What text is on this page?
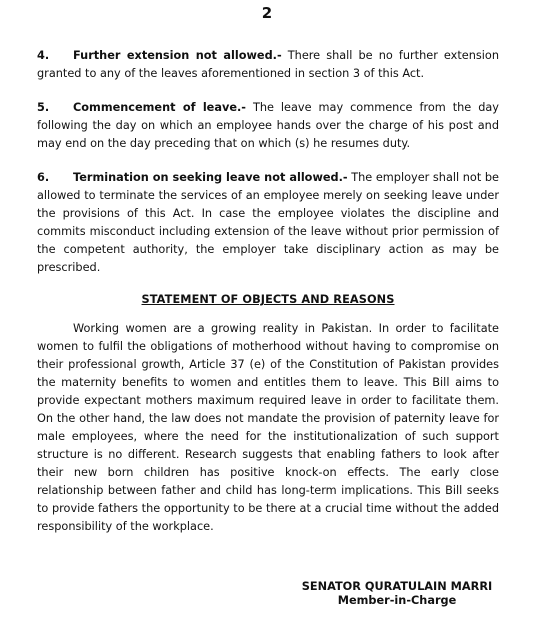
2

4. Further extension not allowed.- There shall be no further extension granted to any of the leaves aforementioned in section 3 of this Act.

5. Commencement of leave.- The leave may commence from the day following the day on which an employee hands over the charge of his post and may end on the day preceding that on which (s) he resumes duty.

6. Termination on seeking leave not allowed.- The employer shall not be allowed to terminate the services of an employee merely on seeking leave under the provisions of this Act. In case the employee violates the discipline and commits misconduct including extension of the leave without prior permission of the competent authority, the employer take disciplinary action as may be prescribed.

STATEMENT OF OBJECTS AND REASONS

Working women are a growing reality in Pakistan. In order to facilitate women to fulfil the obligations of motherhood without having to compromise on their professional growth, Article 37 (e) of the Constitution of Pakistan provides the maternity benefits to women and entitles them to leave. This Bill aims to provide expectant mothers maximum required leave in order to facilitate them. On the other hand, the law does not mandate the provision of paternity leave for male employees, where the need for the institutionalization of such support structure is no different. Research suggests that enabling fathers to look after their new born children has positive knock-on effects. The early close relationship between father and child has long-term implications. This Bill seeks to provide fathers the opportunity to be there at a crucial time without the added responsibility of the workplace.

SENATOR QURATULAIN MARRI
Member-in-Charge
